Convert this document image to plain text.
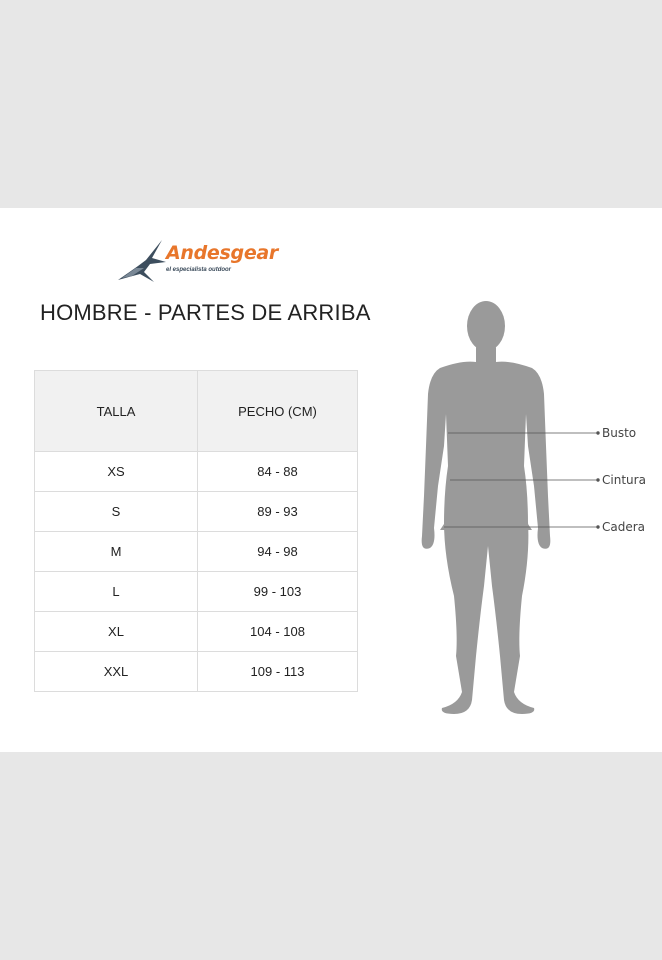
Andesgear
el especialista outdoor
HOMBRE - PARTES DE ARRIBA
TALLA	PECHO (CM)
XS	84 - 88
S	89 - 93
M	94 - 98
L	99 - 103
XL	104 - 108
XXL	109 - 113
Busto
Cintura
Cadera
